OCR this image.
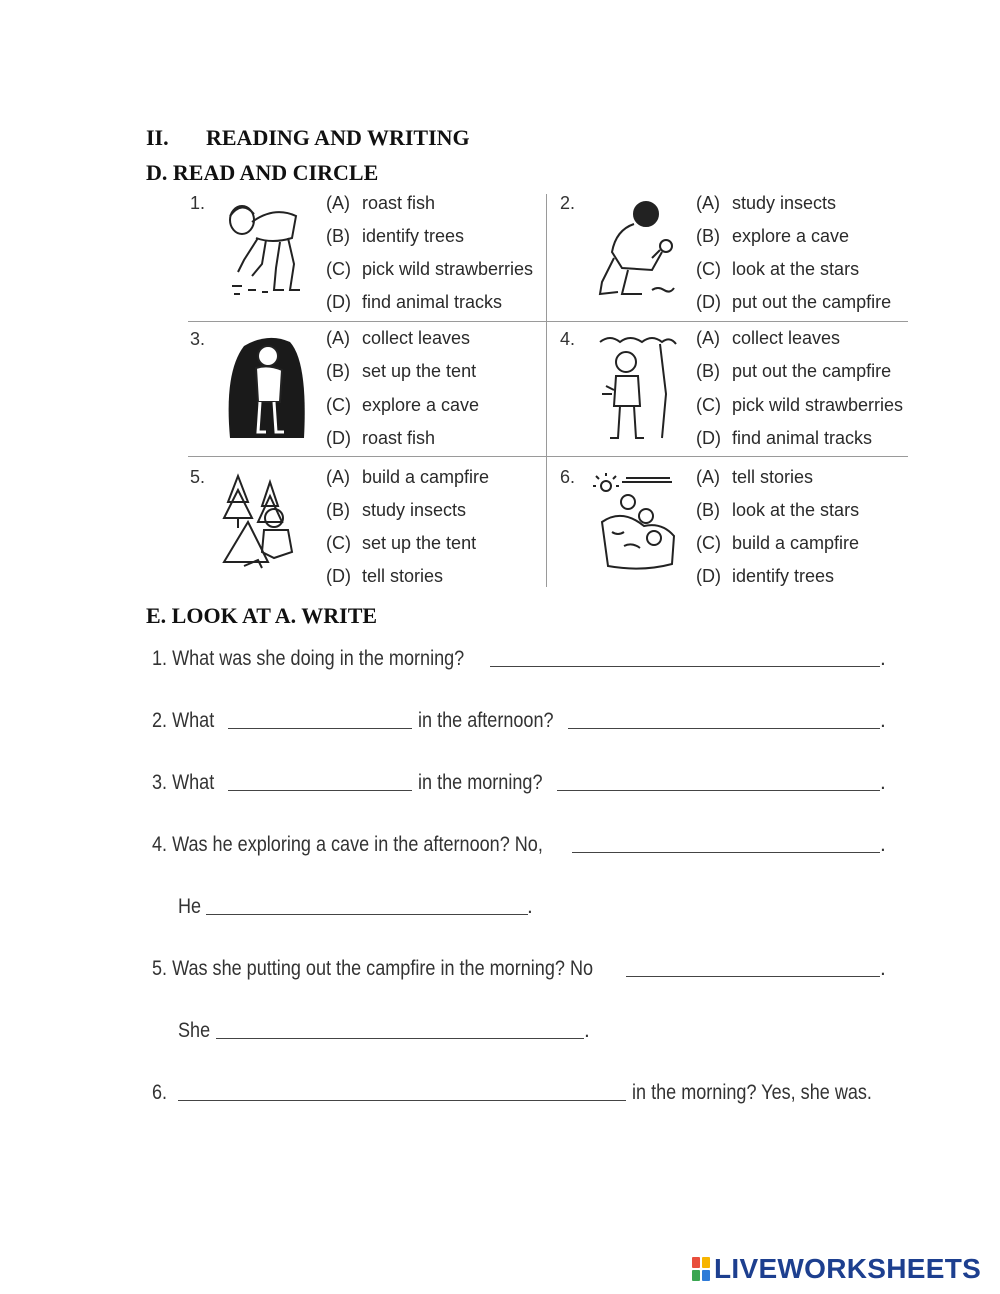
II. READING AND WRITING
D. READ AND CIRCLE
1.	(A) roast fish
(B) identify trees
(C) pick wild strawberries
(D) find animal tracks
2.	(A) study insects
(B) explore a cave
(C) look at the stars
(D) put out the campfire
3.	(A) collect leaves
(B) set up the tent
(C) explore a cave
(D) roast fish
4.	(A) collect leaves
(B) put out the campfire
(C) pick wild strawberries
(D) find animal tracks
5.	(A) build a campfire
(B) study insects
(C) set up the tent
(D) tell stories
6.	(A) tell stories
(B) look at the stars
(C) build a campfire
(D) identify trees
E. LOOK AT A. WRITE
1. What was she doing in the morning?	.
2. What	in the afternoon?	.
3. What	in the morning?	.
4. Was he exploring a cave in the afternoon? No,	.
He	.
5. Was she putting out the campfire in the morning? No	.
She	.
6.	in the morning? Yes, she was.
LIVEWORKSHEETS
